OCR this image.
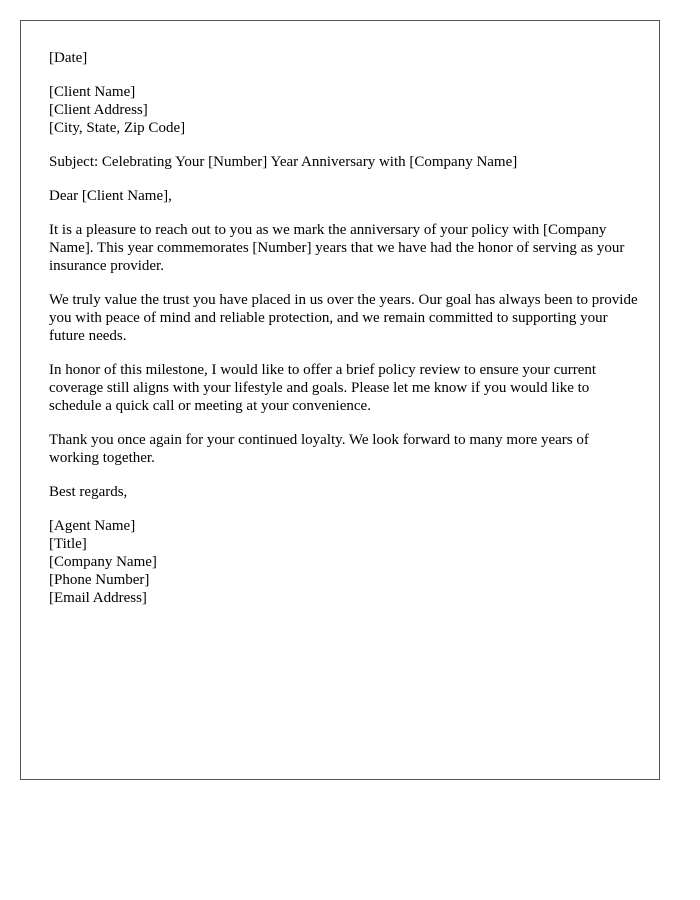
[Date]
[Client Name]
[Client Address]
[City, State, Zip Code]
Subject: Celebrating Your [Number] Year Anniversary with [Company Name]
Dear [Client Name],

It is a pleasure to reach out to you as we mark the anniversary of your policy with [Company Name]. This year commemorates [Number] years that we have had the honor of serving as your insurance provider.

We truly value the trust you have placed in us over the years. Our goal has always been to provide you with peace of mind and reliable protection, and we remain committed to supporting your future needs.

In honor of this milestone, I would like to offer a brief policy review to ensure your current coverage still aligns with your lifestyle and goals. Please let me know if you would like to schedule a quick call or meeting at your convenience.

Thank you once again for your continued loyalty. We look forward to many more years of working together.

Best regards,
[Agent Name]
[Title]
[Company Name]
[Phone Number]
[Email Address]
